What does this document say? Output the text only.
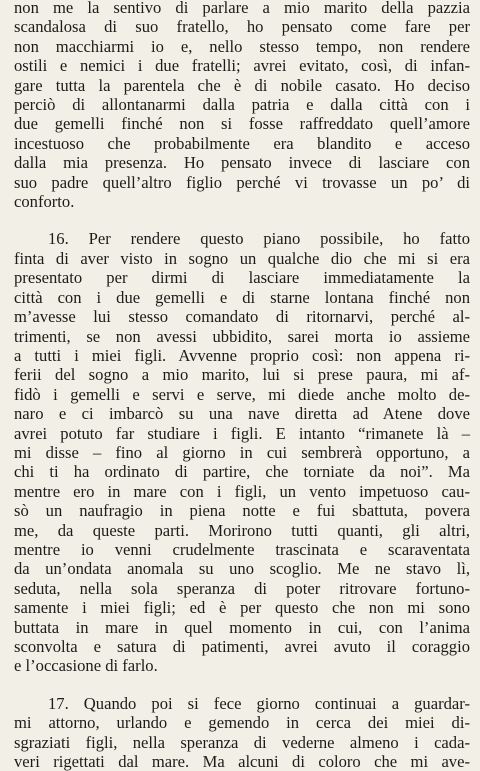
non me la sentivo di parlare a mio marito della pazzia
scandalosa di suo fratello, ho pensato come fare per
non macchiarmi io e, nello stesso tempo, non rendere
ostili e nemici i due fratelli; avrei evitato, così, di infan-
gare tutta la parentela che è di nobile casato. Ho deciso
perciò di allontanarmi dalla patria e dalla città con i
due gemelli finché non si fosse raffreddato quell’amore
incestuoso che probabilmente era blandito e acceso
dalla mia presenza. Ho pensato invece di lasciare con
suo padre quell’altro figlio perché vi trovasse un po’ di
conforto.
16. Per rendere questo piano possibile, ho fatto
finta di aver visto in sogno un qualche dio che mi si era
presentato per dirmi di lasciare immediatamente la
città con i due gemelli e di starne lontana finché non
m’avesse lui stesso comandato di ritornarvi, perché al-
trimenti, se non avessi ubbidito, sarei morta io assieme
a tutti i miei figli. Avvenne proprio così: non appena ri-
ferii del sogno a mio marito, lui si prese paura, mi af-
fidò i gemelli e servi e serve, mi diede anche molto de-
naro e ci imbarcò su una nave diretta ad Atene dove
avrei potuto far studiare i figli. E intanto “rimanete là –
mi disse – fino al giorno in cui sembrerà opportuno, a
chi ti ha ordinato di partire, che torniate da noi”. Ma
mentre ero in mare con i figli, un vento impetuoso cau-
sò un naufragio in piena notte e fui sbattuta, povera
me, da queste parti. Morirono tutti quanti, gli altri,
mentre io venni crudelmente trascinata e scaraventata
da un’ondata anomala su uno scoglio. Me ne stavo lì,
seduta, nella sola speranza di poter ritrovare fortuno-
samente i miei figli; ed è per questo che non mi sono
buttata in mare in quel momento in cui, con l’anima
sconvolta e satura di patimenti, avrei avuto il coraggio
e l’occasione di farlo.
17. Quando poi si fece giorno continuai a guardar-
mi attorno, urlando e gemendo in cerca dei miei di-
sgraziati figli, nella speranza di vederne almeno i cada-
veri rigettati dal mare. Ma alcuni di coloro che mi ave-
